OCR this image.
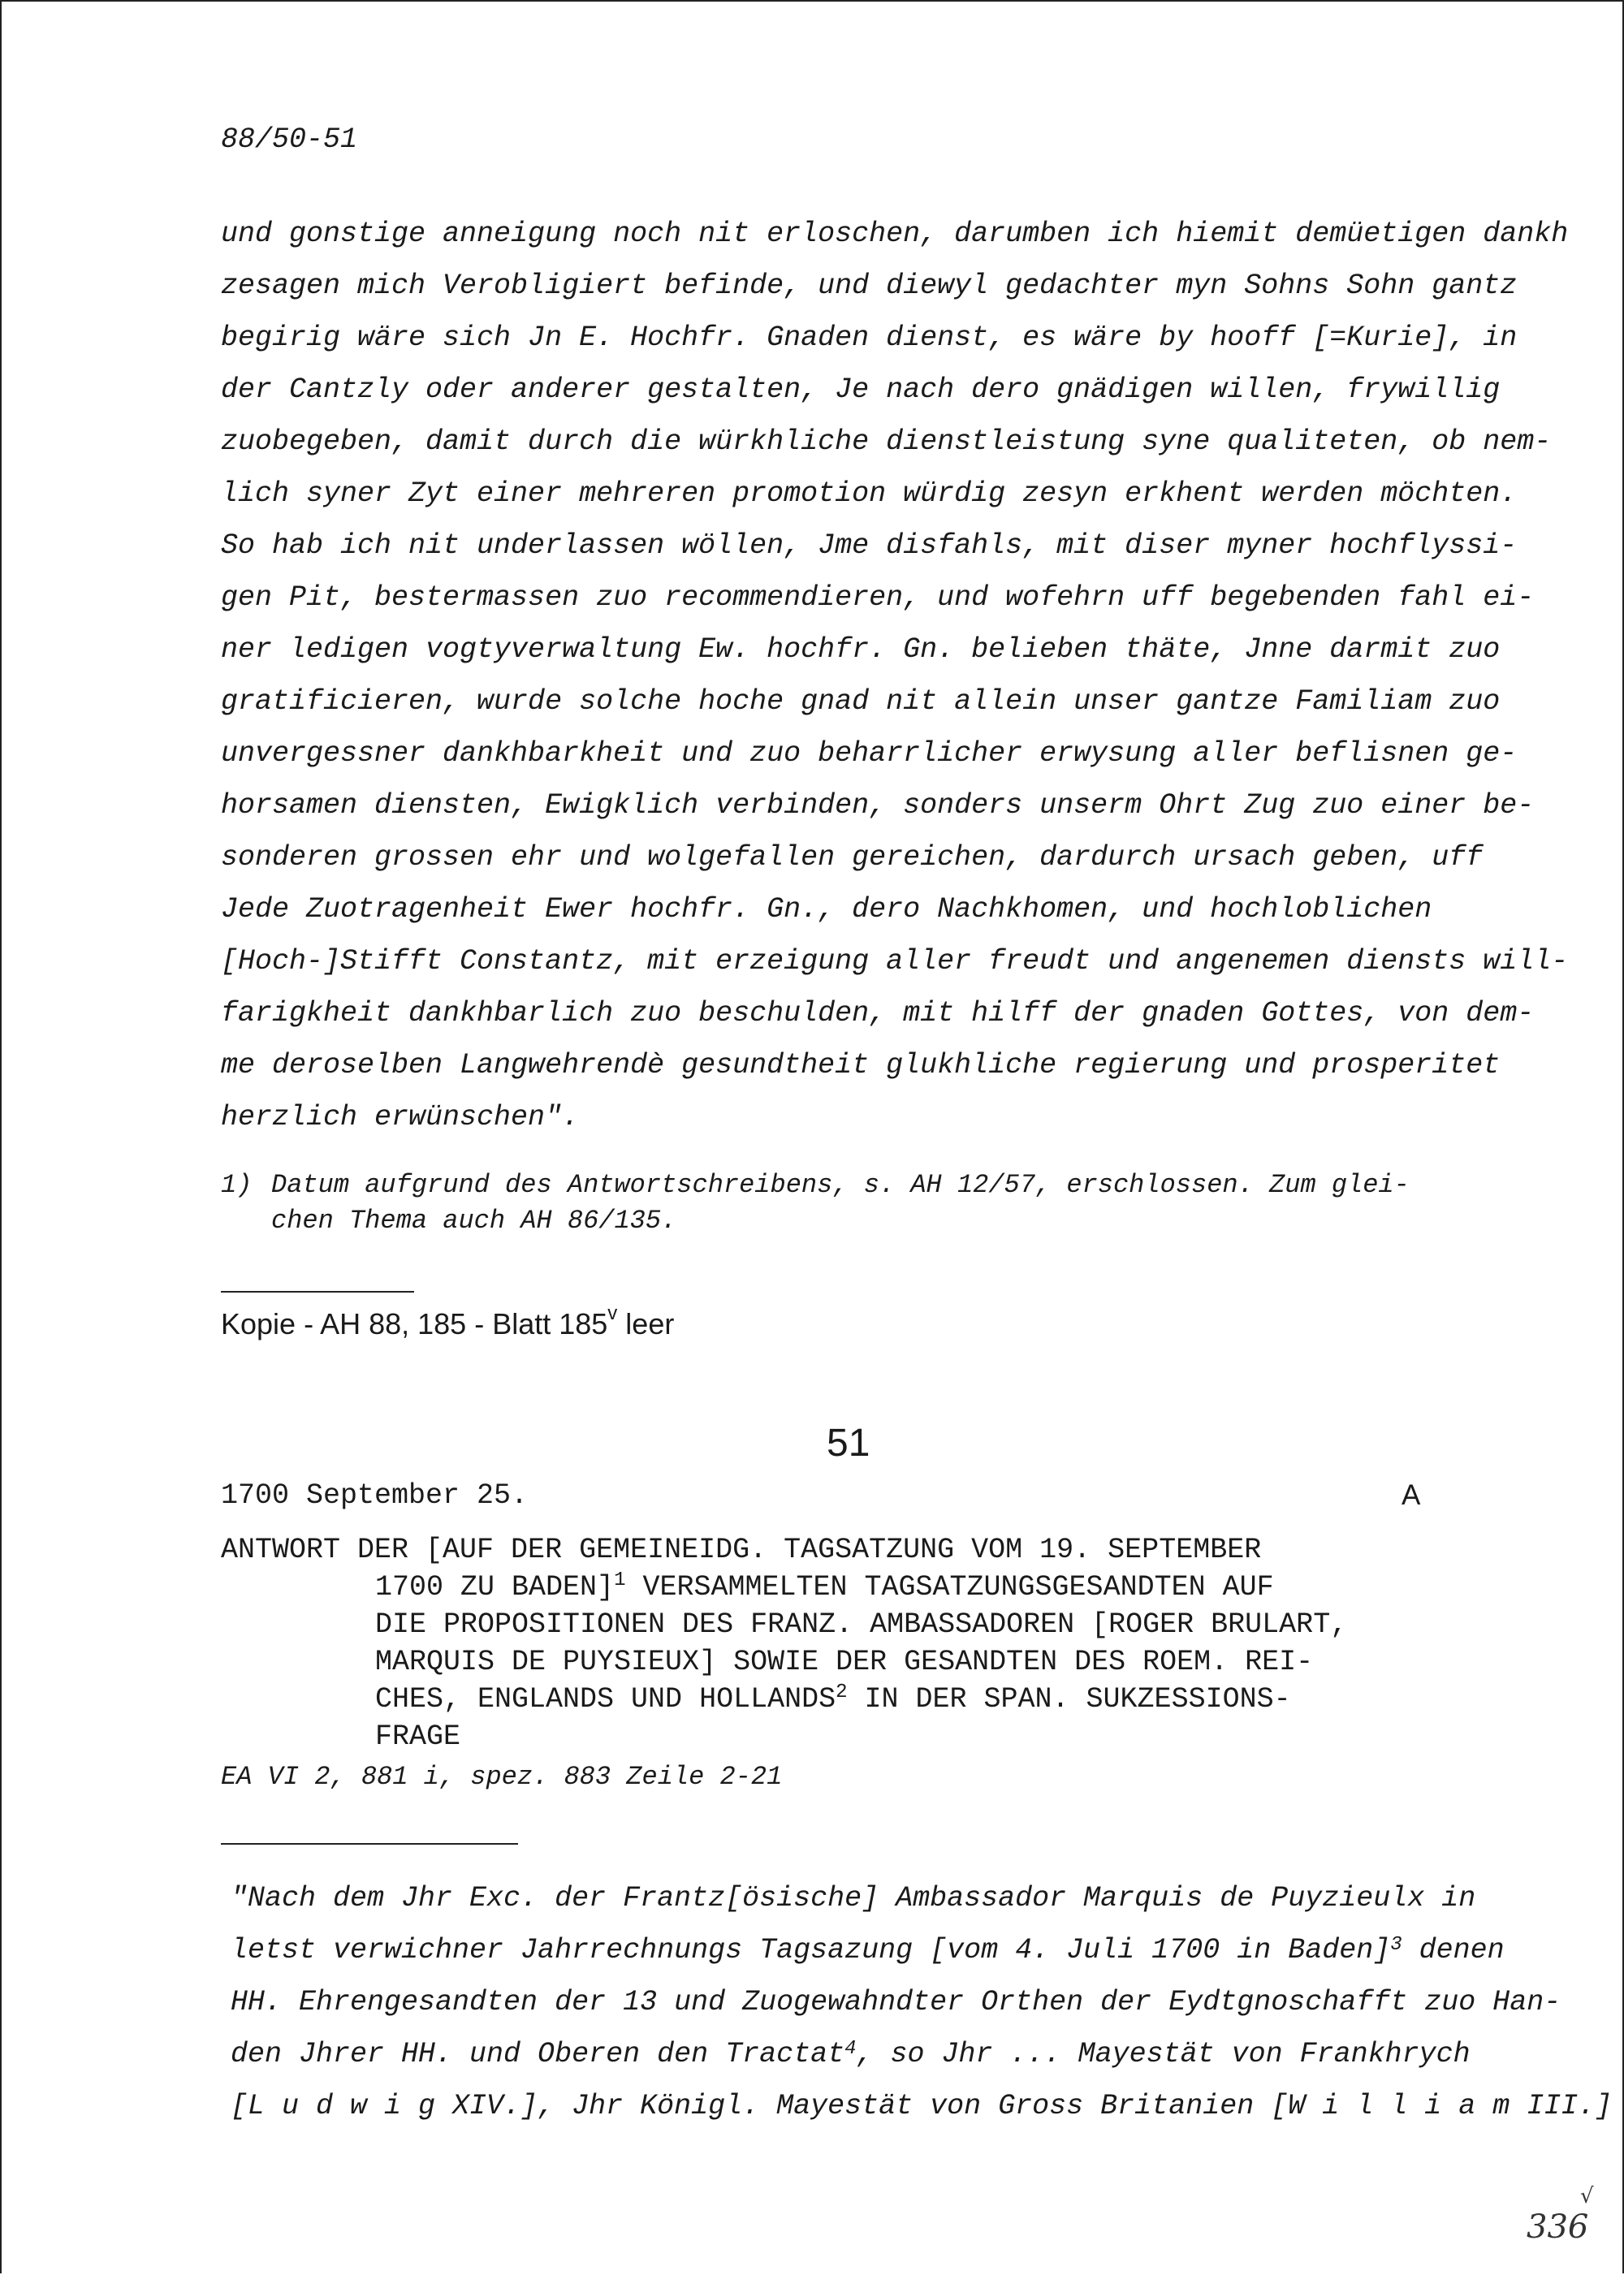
88/50-51
und gonstige anneigung noch nit erloschen, darumben ich hiemit demüetigen dankh
zesagen mich Verobligiert befinde, und diewyl gedachter myn Sohns Sohn gantz
begirig wäre sich Jn E. Hochfr. Gnaden dienst, es wäre by hooff [=Kurie], in
der Cantzly oder anderer gestalten, Je nach dero gnädigen willen, frywillig
zuobegeben, damit durch die würkhliche dienstleistung syne qualiteten, ob nem-
lich syner Zyt einer mehreren promotion würdig zesyn erkhent werden möchten.
So hab ich nit underlassen wöllen, Jme disfahls, mit diser myner hochflyssi-
gen Pit, bestermassen zuo recommendieren, und wofehrn uff begebenden fahl ei-
ner ledigen vogtyverwaltung Ew. hochfr. Gn. belieben thäte, Jnne darmit zuo
gratificieren, wurde solche hoche gnad nit allein unser gantze Familiam zuo
unvergessner dankhbarkheit und zuo beharrlicher erwysung aller beflisnen ge-
horsamen diensten, Ewigklich verbinden, sonders unserm Ohrt Zug zuo einer be-
sonderen grossen ehr und wolgefallen gereichen, dardurch ursach geben, uff
Jede Zuotragenheit Ewer hochfr. Gn., dero Nachkhomen, und hochloblichen
[Hoch-]Stifft Constantz, mit erzeigung aller freudt und angenemen diensts will-
farigkheit dankhbarlich zuo beschulden, mit hilff der gnaden Gottes, von dem-
me deroselben Langwehrendè gesundtheit glukhliche regierung und prosperitet
herzlich erwünschen".
1) Datum aufgrund des Antwortschreibens, s. AH 12/57, erschlossen. Zum glei-
chen Thema auch AH 86/135.
Kopie - AH 88, 185 - Blatt 185$^v$ leer
51
1700 September 25.	A
ANTWORT DER [AUF DER GEMEINEIDG. TAGSATZUNG VOM 19. SEPTEMBER
1700 ZU BADEN]$^1$ VERSAMMELTEN TAGSATZUNGSGESANDTEN AUF
DIE PROPOSITIONEN DES FRANZ. AMBASSADOREN [ROGER BRULART,
MARQUIS DE PUYSIEUX] SOWIE DER GESANDTEN DES ROEM. REI-
CHES, ENGLANDS UND HOLLANDS$^2$ IN DER SPAN. SUKZESSIONS-
FRAGE
EA VI 2, 881 i, spez. 883 Zeile 2-21
"Nach dem Jhr Exc. der Frantz[ösische] Ambassador Marquis de Puyzieulx in
letst verwichner Jahrrechnungs Tagsazung [vom 4. Juli 1700 in Baden]$^3$ denen
HH. Ehrengesandten der 13 und Zuogewahndter Orthen der Eydtgnoschafft zuo Han-
den Jhrer HH. und Oberen den Tractat$^4$, so Jhr ... Mayestät von Frankhrych
[L u d w i g XIV.], Jhr Königl. Mayestät von Gross Britanien [W i l l i a m III.]
√
336
